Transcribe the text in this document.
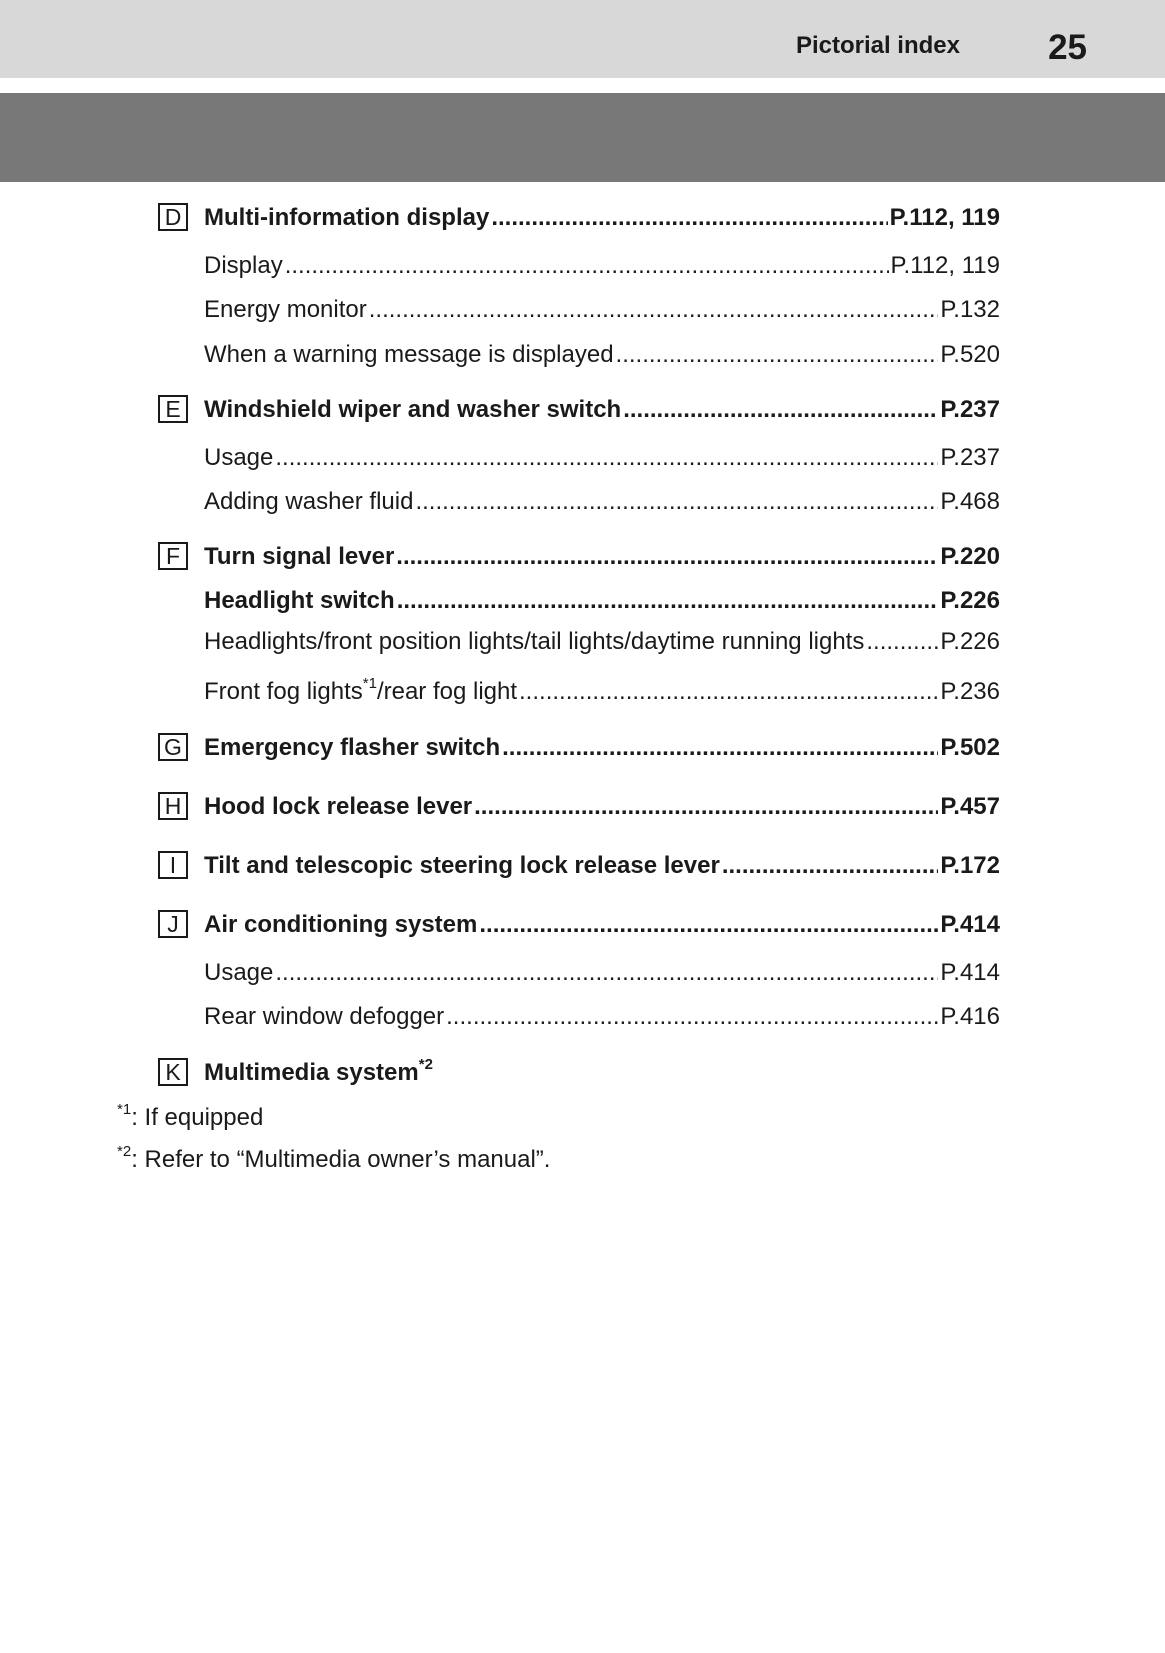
Pictorial index	25
D Multi-information display .....	P.112, 119
Display .....	P.112, 119
Energy monitor .....	P.132
When a warning message is displayed .....	P.520
E Windshield wiper and washer switch .....	P.237
Usage .....	P.237
Adding washer fluid .....	P.468
F Turn signal lever .....	P.220
Headlight switch .....	P.226
Headlights/front position lights/tail lights/daytime running lights .....	P.226
Front fog lights$^{*1}$/rear fog light .....	P.236
G Emergency flasher switch .....	P.502
H Hood lock release lever .....	P.457
I	Tilt and telescopic steering lock release lever .....	P.172
J	Air conditioning system .....	P.414
Usage .....	P.414
Rear window defogger .....	P.416
K Multimedia system$^{*2}$
$^{*1}$: If equipped
$^{*2}$: Refer to “Multimedia owner’s manual”.
